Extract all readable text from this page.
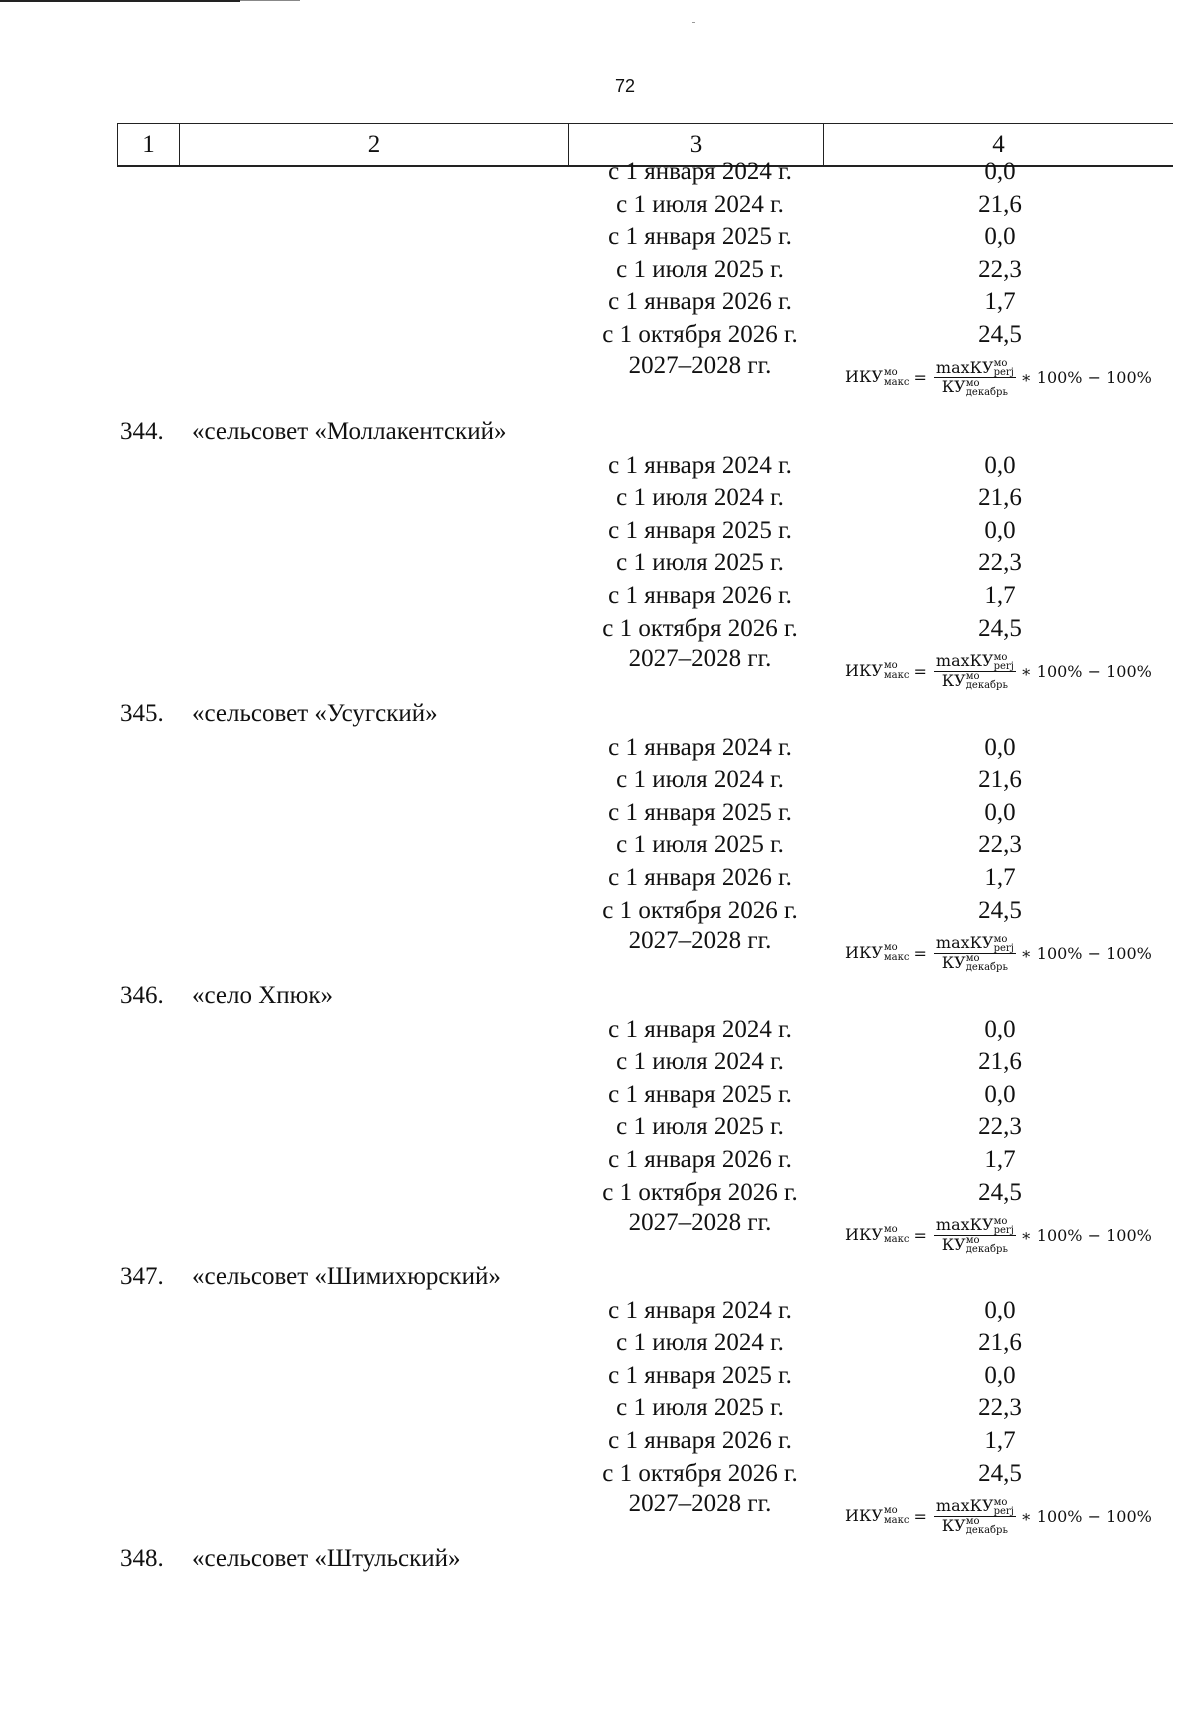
72
1	2	3	4
с 1 января 2024 г.	0,0
с 1 июля 2024 г.	21,6
с 1 января 2025 г.	0,0
с 1 июля 2025 г.	22,3
с 1 января 2026 г.	1,7
с 1 октября 2026 г.	24,5
2027–2028 гг.	ИКУ мо
макс = maxКУ мо
perj
КУ мо
декабрь ∗ 100% − 100%
344. «сельсовет «Моллакентский»
с 1 января 2024 г.	0,0
с 1 июля 2024 г.	21,6
с 1 января 2025 г.	0,0
с 1 июля 2025 г.	22,3
с 1 января 2026 г.	1,7
с 1 октября 2026 г.	24,5
2027–2028 гг.	ИКУ мо
макс = maxКУ мо
perj
КУ мо
декабрь ∗ 100% − 100%
345. «сельсовет «Усугский»
с 1 января 2024 г.	0,0
с 1 июля 2024 г.	21,6
с 1 января 2025 г.	0,0
с 1 июля 2025 г.	22,3
с 1 января 2026 г.	1,7
с 1 октября 2026 г.	24,5
2027–2028 гг.	ИКУ мо
макс = maxКУ мо
perj
КУ мо
декабрь ∗ 100% − 100%
346. «село Хпюк»
с 1 января 2024 г.	0,0
с 1 июля 2024 г.	21,6
с 1 января 2025 г.	0,0
с 1 июля 2025 г.	22,3
с 1 января 2026 г.	1,7
с 1 октября 2026 г.	24,5
2027–2028 гг.	ИКУ мо
макс = maxКУ мо
perj
КУ мо
декабрь ∗ 100% − 100%
347. «сельсовет «Шимихюрский»
с 1 января 2024 г.	0,0
с 1 июля 2024 г.	21,6
с 1 января 2025 г.	0,0
с 1 июля 2025 г.	22,3
с 1 января 2026 г.	1,7
с 1 октября 2026 г.	24,5
2027–2028 гг.	ИКУ мо
макс = maxКУ мо
perj
КУ мо
декабрь ∗ 100% − 100%
348. «сельсовет «Штульский»
